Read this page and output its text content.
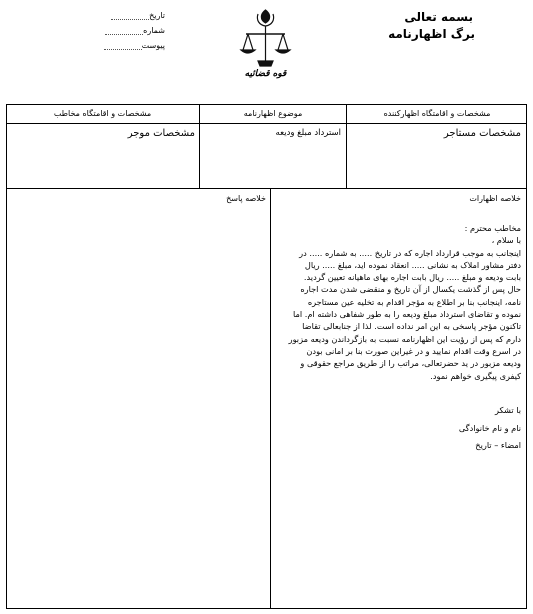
تاریخ
شماره
پیوست
قوه قضائیه
بسمه تعالی
برگ اظهارنامه
مشخصات و اقامتگاه اظهارکننده
موضوع اظهارنامه
مشخصات و اقامتگاه مخاطب
مشخصات مستاجر
استرداد مبلغ ودیعه
مشخصات موجر
خلاصه اظهارات
خلاصه پاسخ
مخاطب محترم :
با سلام ،
اینجانب به موجب قرارداد اجاره که در تاریخ ..... به شماره ..... در
دفتر مشاور املاک به نشانی ..... انعقاد نموده اید، مبلغ ..... ریال
بابت ودیعه و مبلغ ..... ریال بابت اجاره بهای ماهیانه تعیین گردید.
حال پس از گذشت یکسال از آن تاریخ و منقضی شدن مدت اجاره
نامه، اینجانب بنا بر اطلاع به مؤجر اقدام به تخلیه عین مستاجره
نموده و تقاضای استرداد مبلغ ودیعه را به طور شفاهی داشته ام. اما
تاکنون مؤجر پاسخی به این امر نداده است. لذا از جنابعالی تقاضا
دارم که پس از رؤیت این اظهارنامه نسبت به بازگرداندن ودیعه مزبور
در اسرع وقت اقدام نمایید و در غیراین صورت بنا بر امانی بودن
ودیعه مزبور در ید حضرتعالی، مراتب را از طریق مراجع حقوقی و
کیفری پیگیری خواهم نمود.
با تشکر
نام و نام خانوادگی
امضاء – تاریخ
